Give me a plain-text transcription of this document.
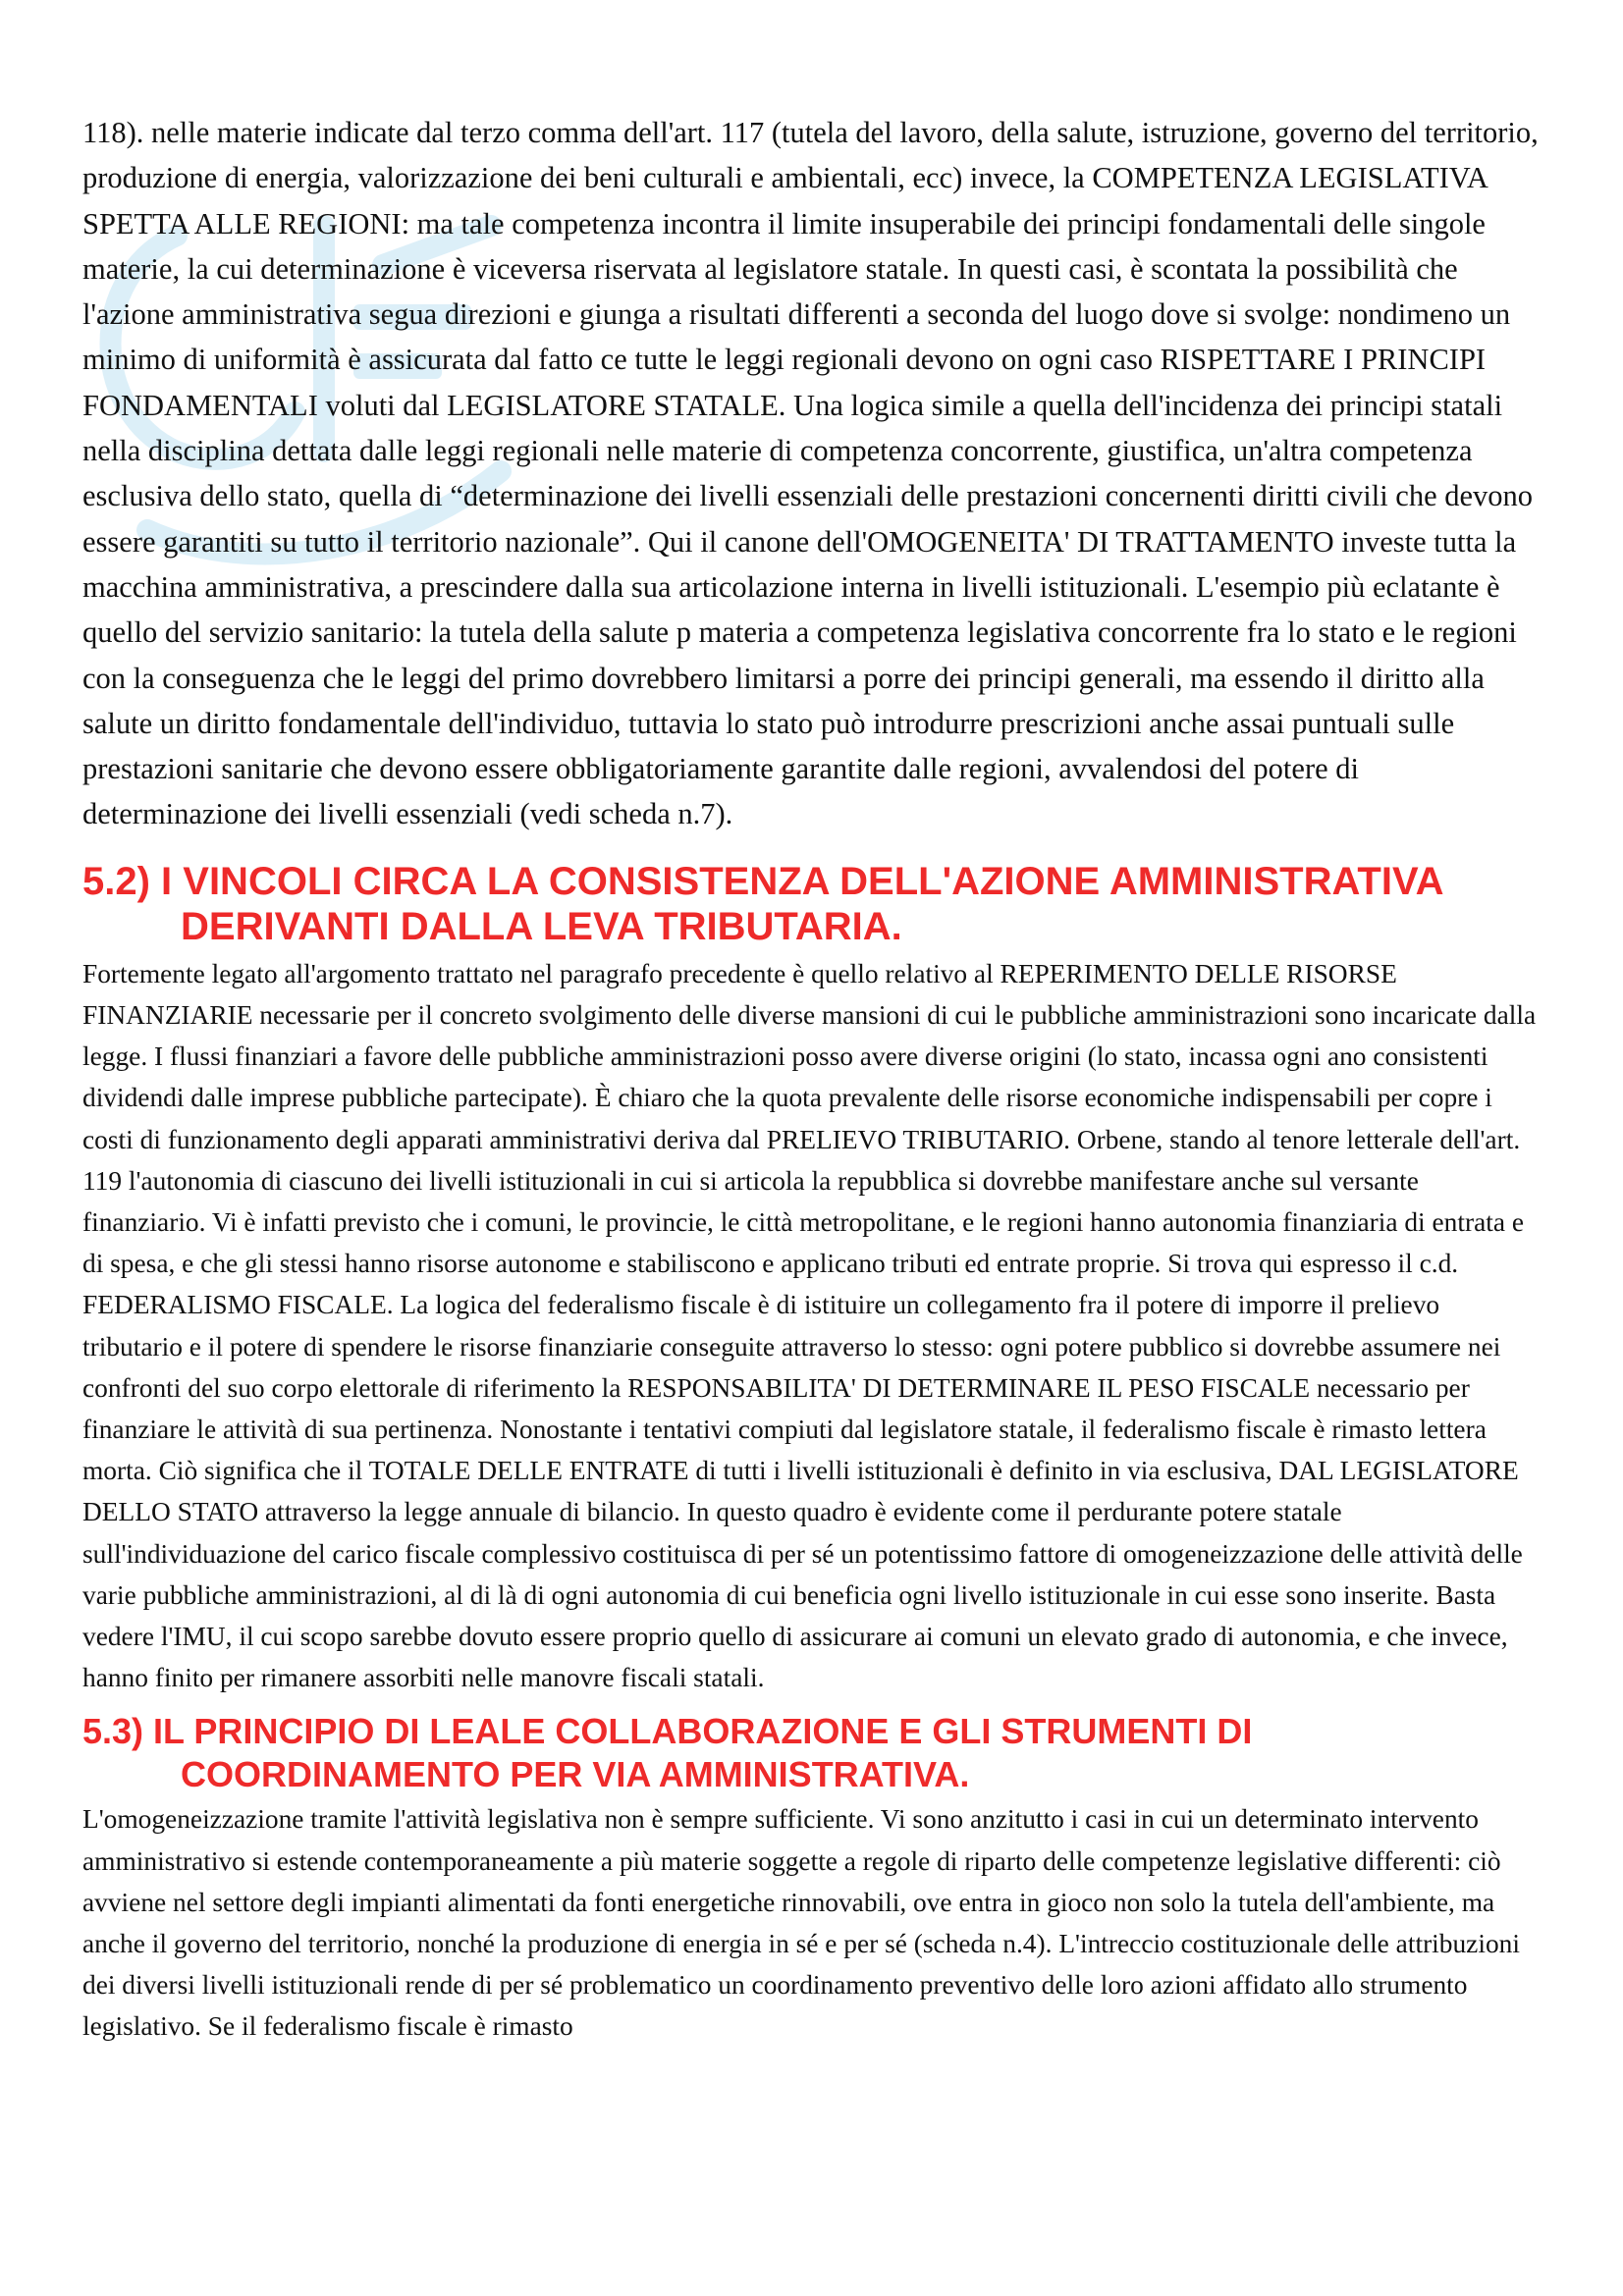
118). nelle materie indicate dal terzo comma dell'art. 117 (tutela del lavoro, della salute, istruzione, governo del territorio, produzione di energia, valorizzazione dei beni culturali e ambientali, ecc) invece, la COMPETENZA LEGISLATIVA SPETTA ALLE REGIONI: ma tale competenza incontra il limite insuperabile dei principi fondamentali delle singole materie, la cui determinazione è viceversa riservata al legislatore statale. In questi casi, è scontata la possibilità che l'azione amministrativa segua direzioni e giunga a risultati differenti a seconda del luogo dove si svolge: nondimeno un minimo di uniformità è assicurata dal fatto ce tutte le leggi regionali devono on ogni caso RISPETTARE I PRINCIPI FONDAMENTALI voluti dal LEGISLATORE STATALE. Una logica simile a quella dell'incidenza dei principi statali nella disciplina dettata dalle leggi regionali nelle materie di competenza concorrente, giustifica, un'altra competenza esclusiva dello stato, quella di “determinazione dei livelli essenziali delle prestazioni concernenti diritti civili che devono essere garantiti su tutto il territorio nazionale”. Qui il canone dell'OMOGENEITA' DI TRATTAMENTO investe tutta la macchina amministrativa, a prescindere dalla sua articolazione interna in livelli istituzionali. L'esempio più eclatante è quello del servizio sanitario: la tutela della salute p materia a competenza legislativa concorrente fra lo stato e le regioni con la conseguenza che le leggi del primo dovrebbero limitarsi a porre dei principi generali, ma essendo il diritto alla salute un diritto fondamentale dell'individuo, tuttavia lo stato può introdurre prescrizioni anche assai puntuali sulle prestazioni sanitarie che devono essere obbligatoriamente garantite dalle regioni, avvalendosi del potere di determinazione dei livelli essenziali (vedi scheda n.7).

5.2) I VINCOLI CIRCA LA CONSISTENZA DELL'AZIONE AMMINISTRATIVA DERIVANTI DALLA LEVA TRIBUTARIA.

Fortemente legato all'argomento trattato nel paragrafo precedente è quello relativo al REPERIMENTO DELLE RISORSE FINANZIARIE necessarie per il concreto svolgimento delle diverse mansioni di cui le pubbliche amministrazioni sono incaricate dalla legge. I flussi finanziari a favore delle pubbliche amministrazioni posso avere diverse origini (lo stato, incassa ogni ano consistenti dividendi dalle imprese pubbliche partecipate). È chiaro che la quota prevalente delle risorse economiche indispensabili per copre i costi di funzionamento degli apparati amministrativi deriva dal PRELIEVO TRIBUTARIO. Orbene, stando al tenore letterale dell'art. 119 l'autonomia di ciascuno dei livelli istituzionali in cui si articola la repubblica si dovrebbe manifestare anche sul versante finanziario. Vi è infatti previsto che i comuni, le provincie, le città metropolitane, e le regioni hanno autonomia finanziaria di entrata e di spesa, e che gli stessi hanno risorse autonome e stabiliscono e applicano tributi ed entrate proprie. Si trova qui espresso il c.d. FEDERALISMO FISCALE. La logica del federalismo fiscale è di istituire un collegamento fra il potere di imporre il prelievo tributario e il potere di spendere le risorse finanziarie conseguite attraverso lo stesso: ogni potere pubblico si dovrebbe assumere nei confronti del suo corpo elettorale di riferimento la RESPONSABILITA' DI DETERMINARE IL PESO FISCALE necessario per finanziare le attività di sua pertinenza. Nonostante i tentativi compiuti dal legislatore statale, il federalismo fiscale è rimasto lettera morta. Ciò significa che il TOTALE DELLE ENTRATE di tutti i livelli istituzionali è definito in via esclusiva, DAL LEGISLATORE DELLO STATO attraverso la legge annuale di bilancio. In questo quadro è evidente come il perdurante potere statale sull'individuazione del carico fiscale complessivo costituisca di per sé un potentissimo fattore di omogeneizzazione delle attività delle varie pubbliche amministrazioni, al di là di ogni autonomia di cui beneficia ogni livello istituzionale in cui esse sono inserite. Basta vedere l'IMU, il cui scopo sarebbe dovuto essere proprio quello di assicurare ai comuni un elevato grado di autonomia, e che invece, hanno finito per rimanere assorbiti nelle manovre fiscali statali.

5.3) IL PRINCIPIO DI LEALE COLLABORAZIONE E GLI STRUMENTI DI COORDINAMENTO PER VIA AMMINISTRATIVA.

L'omogeneizzazione tramite l'attività legislativa non è sempre sufficiente. Vi sono anzitutto i casi in cui un determinato intervento amministrativo si estende contemporaneamente a più materie soggette a regole di riparto delle competenze legislative differenti: ciò avviene nel settore degli impianti alimentati da fonti energetiche rinnovabili, ove entra in gioco non solo la tutela dell'ambiente, ma anche il governo del territorio, nonché la produzione di energia in sé e per sé (scheda n.4). L'intreccio costituzionale delle attribuzioni dei diversi livelli istituzionali rende di per sé problematico un coordinamento preventivo delle loro azioni affidato allo strumento legislativo. Se il federalismo fiscale è rimasto
